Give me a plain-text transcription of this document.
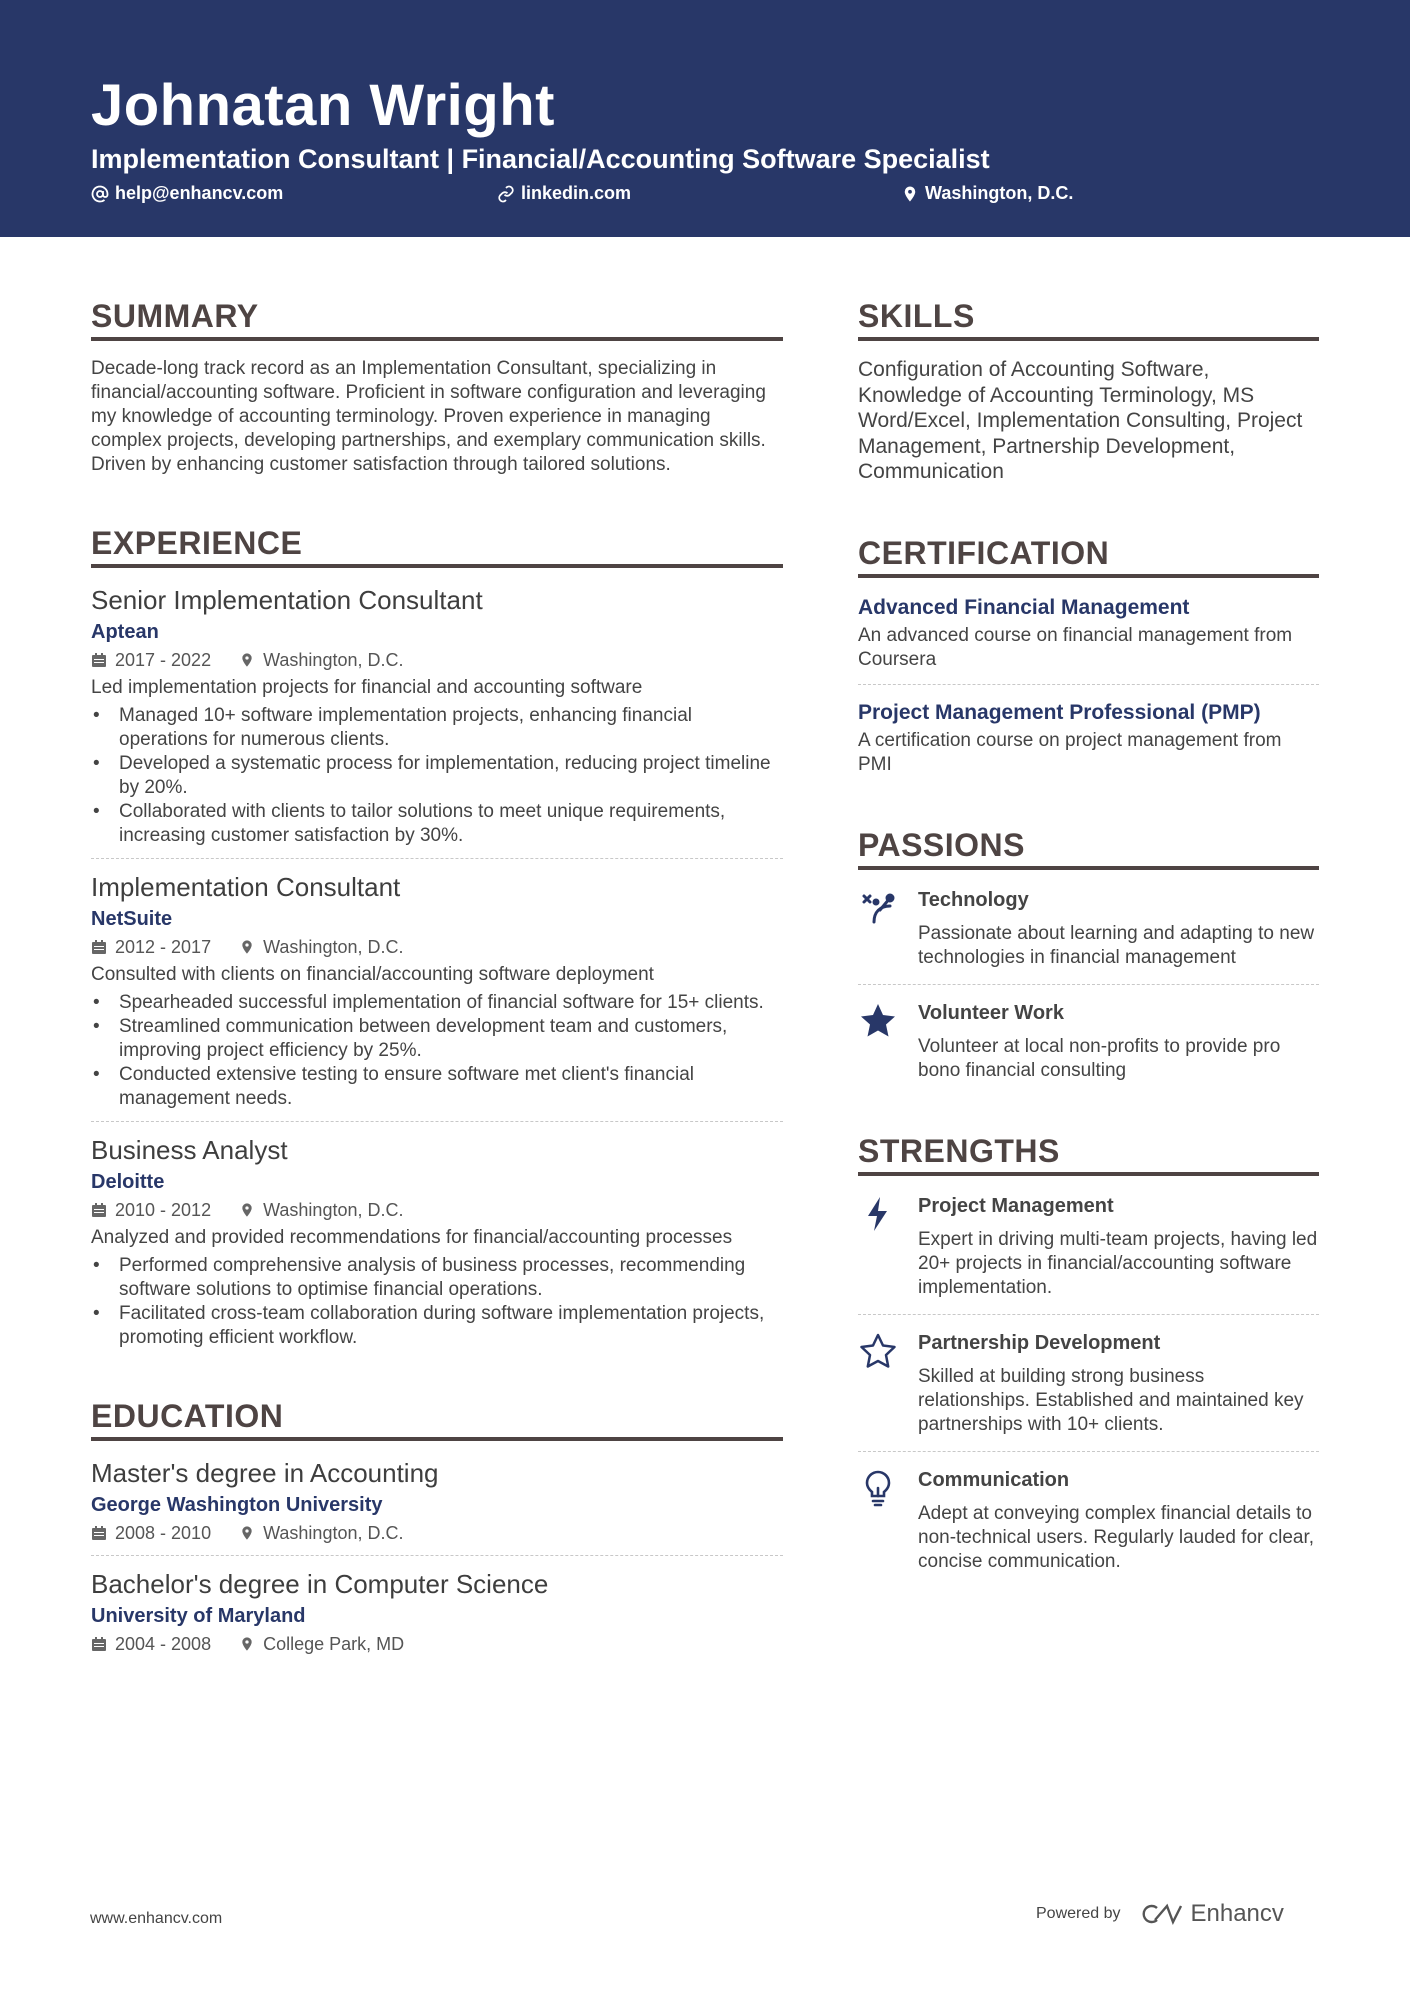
Johnatan Wright
Implementation Consultant | Financial/Accounting Software Specialist
help@enhancv.com	linkedin.com	Washington, D.C.
SUMMARY

Decade-long track record as an Implementation Consultant, specializing in financial/accounting software. Proficient in software configuration and leveraging my knowledge of accounting terminology. Proven experience in managing complex projects, developing partnerships, and exemplary communication skills. Driven by enhancing customer satisfaction through tailored solutions.

EXPERIENCE
Senior Implementation Consultant
Aptean
2017 - 2022	Washington, D.C.
Led implementation projects for financial and accounting software
• Managed 10+ software implementation projects, enhancing financial operations for numerous clients.
• Developed a systematic process for implementation, reducing project timeline by 20%.
• Collaborated with clients to tailor solutions to meet unique requirements, increasing customer satisfaction by 30%.
Implementation Consultant
NetSuite
2012 - 2017	Washington, D.C.
Consulted with clients on financial/accounting software deployment
• Spearheaded successful implementation of financial software for 15+ clients.
• Streamlined communication between development team and customers, improving project efficiency by 25%.
• Conducted extensive testing to ensure software met client's financial management needs.
Business Analyst
Deloitte
2010 - 2012	Washington, D.C.
Analyzed and provided recommendations for financial/accounting processes
• Performed comprehensive analysis of business processes, recommending software solutions to optimise financial operations.
• Facilitated cross-team collaboration during software implementation projects, promoting efficient workflow.
EDUCATION
Master's degree in Accounting
George Washington University
2008 - 2010	Washington, D.C.
Bachelor's degree in Computer Science
University of Maryland
2004 - 2008	College Park, MD
SKILLS

Configuration of Accounting Software, Knowledge of Accounting Terminology, MS Word/Excel, Implementation Consulting, Project Management, Partnership Development, Communication

CERTIFICATION
Advanced Financial Management
An advanced course on financial management from Coursera
Project Management Professional (PMP)
A certification course on project management from PMI
PASSIONS
Technology
Passionate about learning and adapting to new technologies in financial management
Volunteer Work
Volunteer at local non-profits to provide pro bono financial consulting
STRENGTHS
Project Management
Expert in driving multi-team projects, having led 20+ projects in financial/accounting software implementation.
Partnership Development
Skilled at building strong business relationships. Established and maintained key partnerships with 10+ clients.
Communication
Adept at conveying complex financial details to non-technical users. Regularly lauded for clear, concise communication.
www.enhancv.com	Powered by	Enhancv
